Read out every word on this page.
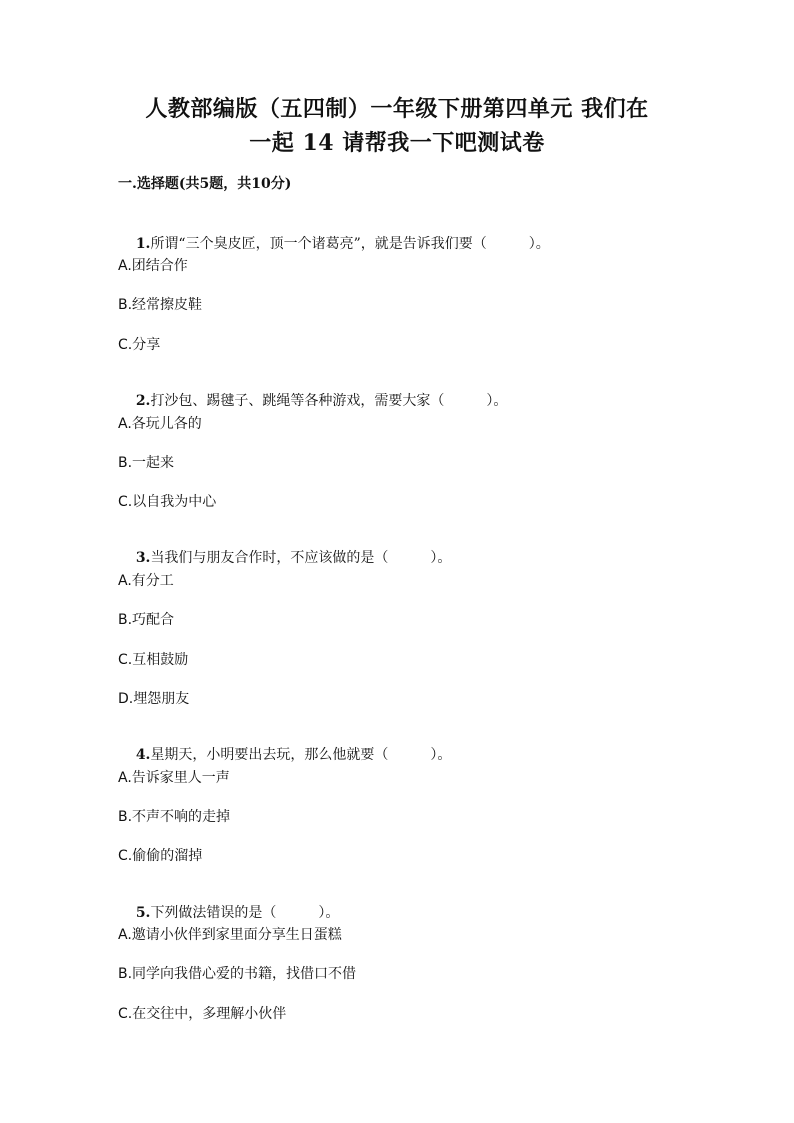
人教部编版（五四制）一年级下册第四单元 我们在
一起 14 请帮我一下吧测试卷
一.选择题(共5题，共10分)

1.所谓“三个臭皮匠，顶一个诸葛亮”，就是告诉我们要（　　　）。

A.团结合作
B.经常擦皮鞋
C.分享

2.打沙包、踢毽子、跳绳等各种游戏，需要大家（　　　）。

A.各玩儿各的
B.一起来
C.以自我为中心

3.当我们与朋友合作时，不应该做的是（　　　）。

A.有分工
B.巧配合
C.互相鼓励
D.埋怨朋友

4.星期天，小明要出去玩，那么他就要（　　　）。

A.告诉家里人一声
B.不声不响的走掉
C.偷偷的溜掉

5.下列做法错误的是（　　　）。

A.邀请小伙伴到家里面分享生日蛋糕
B.同学向我借心爱的书籍，找借口不借
C.在交往中，多理解小伙伴
